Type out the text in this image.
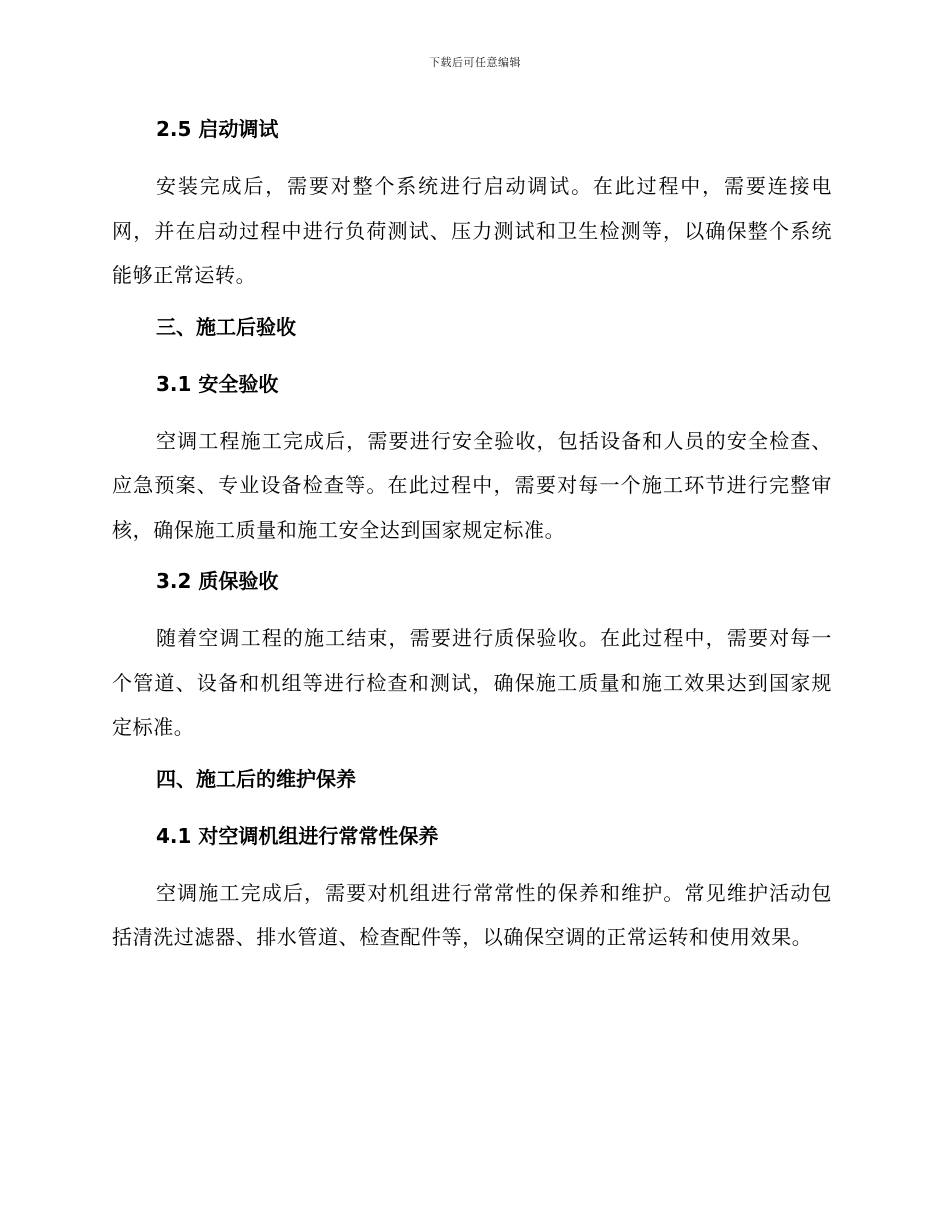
下载后可任意编辑
2.5 启动调试

安装完成后，需要对整个系统进行启动调试。在此过程中，需要连接电网，并在启动过程中进行负荷测试、压力测试和卫生检测等，以确保整个系统能够正常运转。

三、施工后验收
3.1 安全验收

空调工程施工完成后，需要进行安全验收，包括设备和人员的安全检查、应急预案、专业设备检查等。在此过程中，需要对每一个施工环节进行完整审核，确保施工质量和施工安全达到国家规定标准。

3.2 质保验收

随着空调工程的施工结束，需要进行质保验收。在此过程中，需要对每一个管道、设备和机组等进行检查和测试，确保施工质量和施工效果达到国家规定标准。

四、施工后的维护保养
4.1 对空调机组进行常常性保养

空调施工完成后，需要对机组进行常常性的保养和维护。常见维护活动包括清洗过滤器、排水管道、检查配件等，以确保空调的正常运转和使用效果。
